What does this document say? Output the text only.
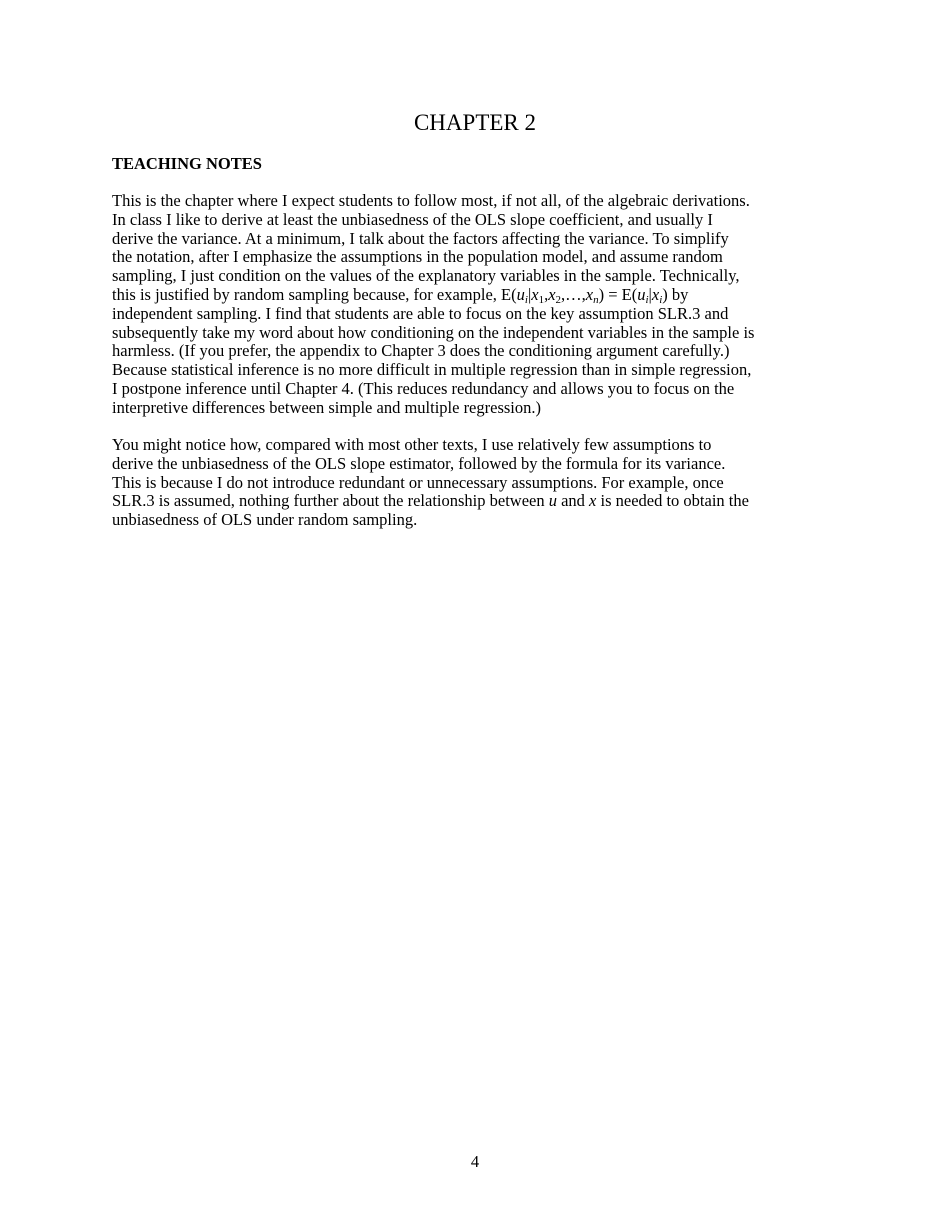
CHAPTER 2
TEACHING NOTES
This is the chapter where I expect students to follow most, if not all, of the algebraic derivations.
In class I like to derive at least the unbiasedness of the OLS slope coefficient, and usually I
derive the variance. At a minimum, I talk about the factors affecting the variance. To simplify
the notation, after I emphasize the assumptions in the population model, and assume random
sampling, I just condition on the values of the explanatory variables in the sample. Technically,
this is justified by random sampling because, for example, $E(u_i|x_1,x_2,\dots,x_n) = E(u_i|x_i)$ by
independent sampling. I find that students are able to focus on the key assumption SLR.3 and
subsequently take my word about how conditioning on the independent variables in the sample is
harmless. (If you prefer, the appendix to Chapter 3 does the conditioning argument carefully.)
Because statistical inference is no more difficult in multiple regression than in simple regression,
I postpone inference until Chapter 4. (This reduces redundancy and allows you to focus on the
interpretive differences between simple and multiple regression.)
You might notice how, compared with most other texts, I use relatively few assumptions to
derive the unbiasedness of the OLS slope estimator, followed by the formula for its variance.
This is because I do not introduce redundant or unnecessary assumptions. For example, once
SLR.3 is assumed, nothing further about the relationship between u and x is needed to obtain the
unbiasedness of OLS under random sampling.
4
